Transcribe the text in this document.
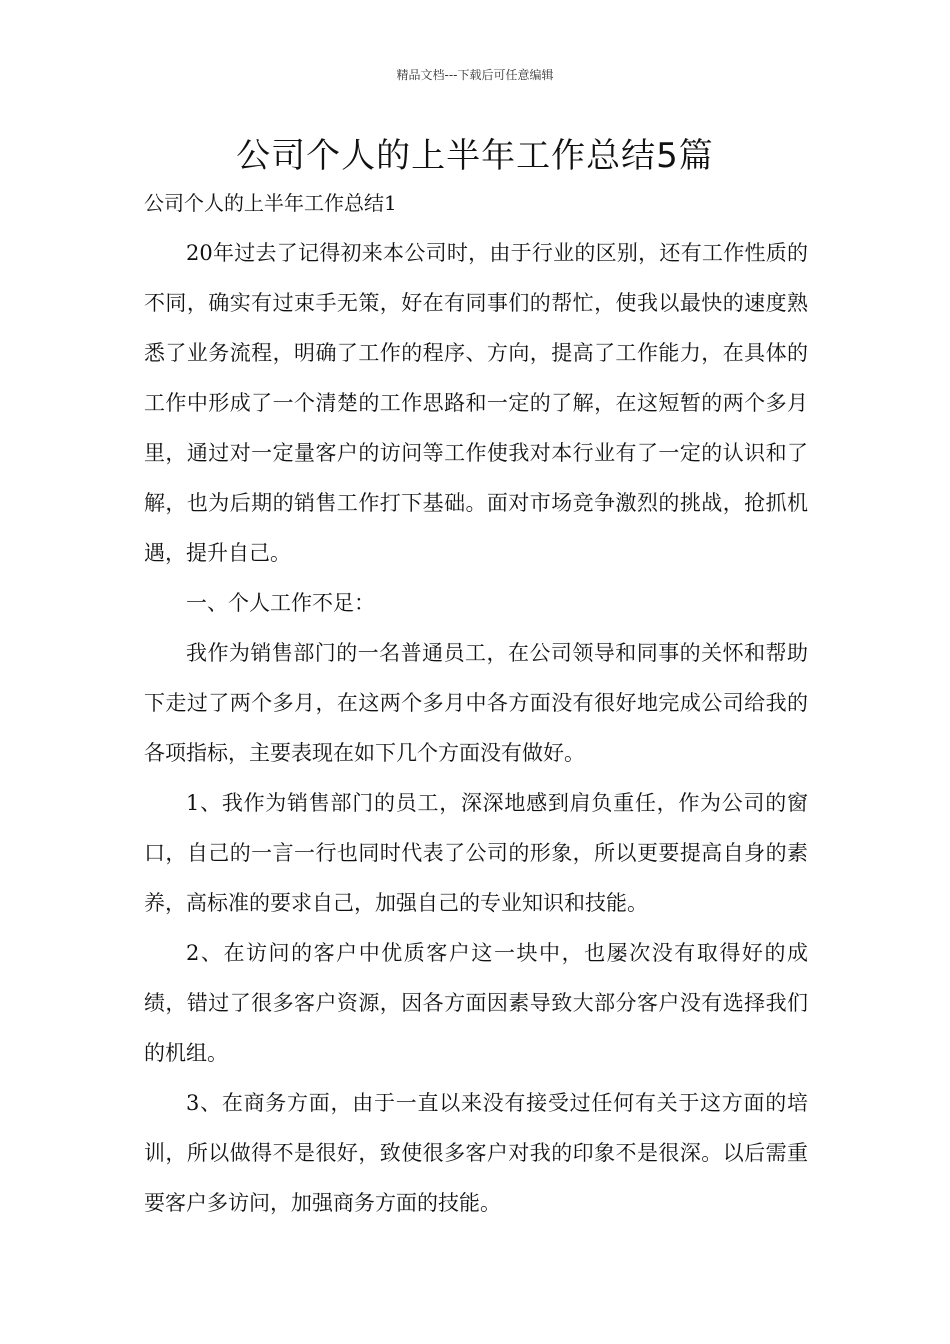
精品文档---下载后可任意编辑
公司个人的上半年工作总结5篇

公司个人的上半年工作总结1

20年过去了记得初来本公司时，由于行业的区别，还有工作性质的不同，确实有过束手无策，好在有同事们的帮忙，使我以最快的速度熟悉了业务流程，明确了工作的程序、方向，提高了工作能力，在具体的工作中形成了一个清楚的工作思路和一定的了解，在这短暂的两个多月里，通过对一定量客户的访问等工作使我对本行业有了一定的认识和了解，也为后期的销售工作打下基础。面对市场竞争激烈的挑战，抢抓机遇，提升自己。

一、个人工作不足：

我作为销售部门的一名普通员工，在公司领导和同事的关怀和帮助下走过了两个多月，在这两个多月中各方面没有很好地完成公司给我的各项指标，主要表现在如下几个方面没有做好。

1、我作为销售部门的员工，深深地感到肩负重任，作为公司的窗口，自己的一言一行也同时代表了公司的形象，所以更要提高自身的素养，高标准的要求自己，加强自己的专业知识和技能。

2、在访问的客户中优质客户这一块中，也屡次没有取得好的成绩，错过了很多客户资源，因各方面因素导致大部分客户没有选择我们的机组。

3、在商务方面，由于一直以来没有接受过任何有关于这方面的培训，所以做得不是很好，致使很多客户对我的印象不是很深。以后需重要客户多访问，加强商务方面的技能。
